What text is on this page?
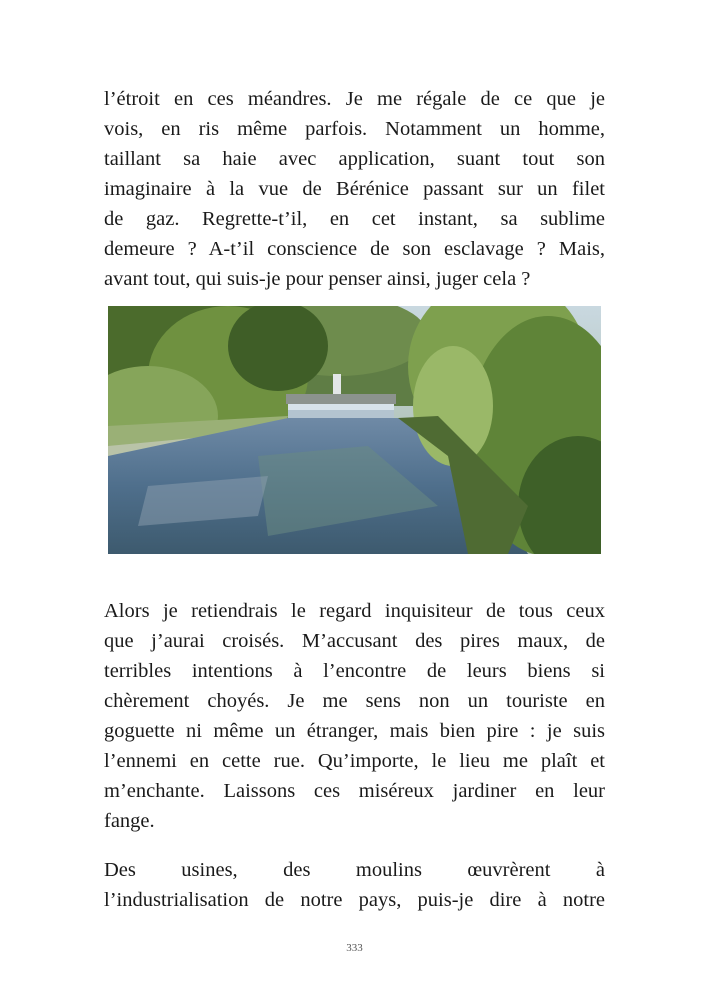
l’étroit en ces méandres. Je me régale de ce que je
vois, en ris même parfois. Notamment un homme,
taillant sa haie avec application, suant tout son
imaginaire à la vue de Bérénice passant sur un filet
de gaz. Regrette-t’il, en cet instant, sa sublime
demeure ? A-t’il conscience de son esclavage ? Mais,
avant tout, qui suis-je pour penser ainsi, juger cela ?
Alors je retiendrais le regard inquisiteur de tous ceux
que j’aurai croisés. M’accusant des pires maux, de
terribles intentions à l’encontre de leurs biens si
chèrement choyés. Je me sens non un touriste en
goguette ni même un étranger, mais bien pire : je suis
l’ennemi en cette rue. Qu’importe, le lieu me plaît et
m’enchante. Laissons ces miséreux jardiner en leur
fange.
Des usines, des moulins œuvrèrent à
l’industrialisation de notre pays, puis-je dire à notre
333
